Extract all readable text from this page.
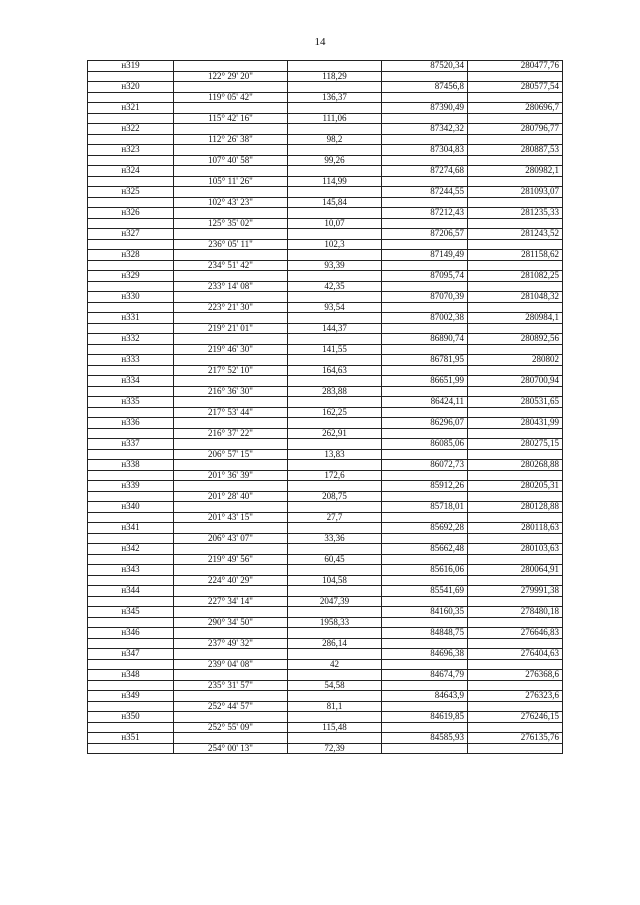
14
н319			87520,34	280477,76
	122° 29' 20"	118,29		
н320			87456,8	280577,54
	119° 05' 42"	136,37		
н321			87390,49	280696,7
	115° 42' 16"	111,06		
н322			87342,32	280796,77
	112° 26' 38"	98,2		
н323			87304,83	280887,53
	107° 40' 58"	99,26		
н324			87274,68	280982,1
	105° 11' 26"	114,99		
н325			87244,55	281093,07
	102° 43' 23"	145,84		
н326			87212,43	281235,33
	125° 35' 02"	10,07		
н327			87206,57	281243,52
	236° 05' 11"	102,3		
н328			87149,49	281158,62
	234° 51' 42"	93,39		
н329			87095,74	281082,25
	233° 14' 08"	42,35		
н330			87070,39	281048,32
	223° 21' 30"	93,54		
н331			87002,38	280984,1
	219° 21' 01"	144,37		
н332			86890,74	280892,56
	219° 46' 30"	141,55		
н333			86781,95	280802
	217° 52' 10"	164,63		
н334			86651,99	280700,94
	216° 36' 30"	283,88		
н335			86424,11	280531,65
	217° 53' 44"	162,25		
н336			86296,07	280431,99
	216° 37' 22"	262,91		
н337			86085,06	280275,15
	206° 57' 15"	13,83		
н338			86072,73	280268,88
	201° 36' 39"	172,6		
н339			85912,26	280205,31
	201° 28' 40"	208,75		
н340			85718,01	280128,88
	201° 43' 15"	27,7		
н341			85692,28	280118,63
	206° 43' 07"	33,36		
н342			85662,48	280103,63
	219° 49' 56"	60,45		
н343			85616,06	280064,91
	224° 40' 29"	104,58		
н344			85541,69	279991,38
	227° 34' 14"	2047,39		
н345			84160,35	278480,18
	290° 34' 50"	1958,33		
н346			84848,75	276646,83
	237° 49' 32"	286,14		
н347			84696,38	276404,63
	239° 04' 08"	42		
н348			84674,79	276368,6
	235° 31' 57"	54,58		
н349			84643,9	276323,6
	252° 44' 57"	81,1		
н350			84619,85	276246,15
	252° 55' 09"	115,48		
н351			84585,93	276135,76
	254° 00' 13"	72,39		
